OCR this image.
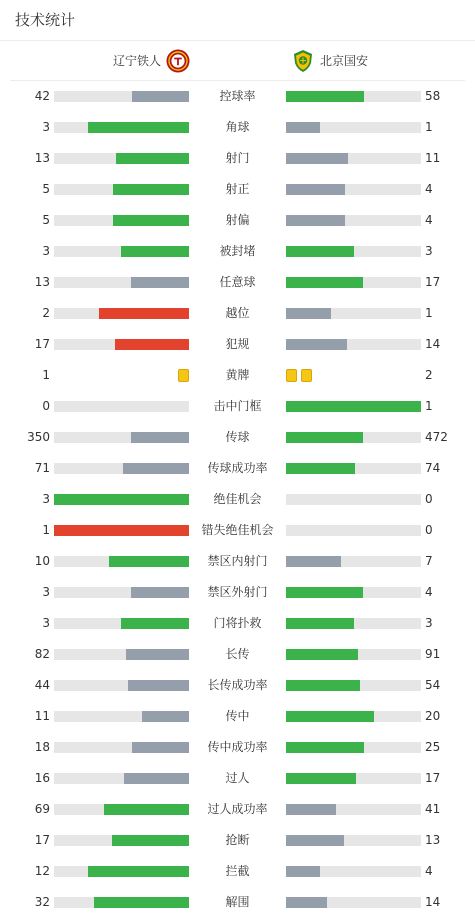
技术统计
辽宁铁人	北京国安
42	控球率	58
3	角球	1
13	射门	11
5	射正	4
5	射偏	4
3	被封堵	3
13	任意球	17
2	越位	1
17	犯规	14
1	黄牌	2
0	击中门框	1
350	传球	472
71	传球成功率	74
3	绝佳机会	0
1	错失绝佳机会	0
10	禁区内射门	7
3	禁区外射门	4
3	门将扑救	3
82	长传	91
44	长传成功率	54
11	传中	20
18	传中成功率	25
16	过人	17
69	过人成功率	41
17	抢断	13
12	拦截	4
32	解围	14
